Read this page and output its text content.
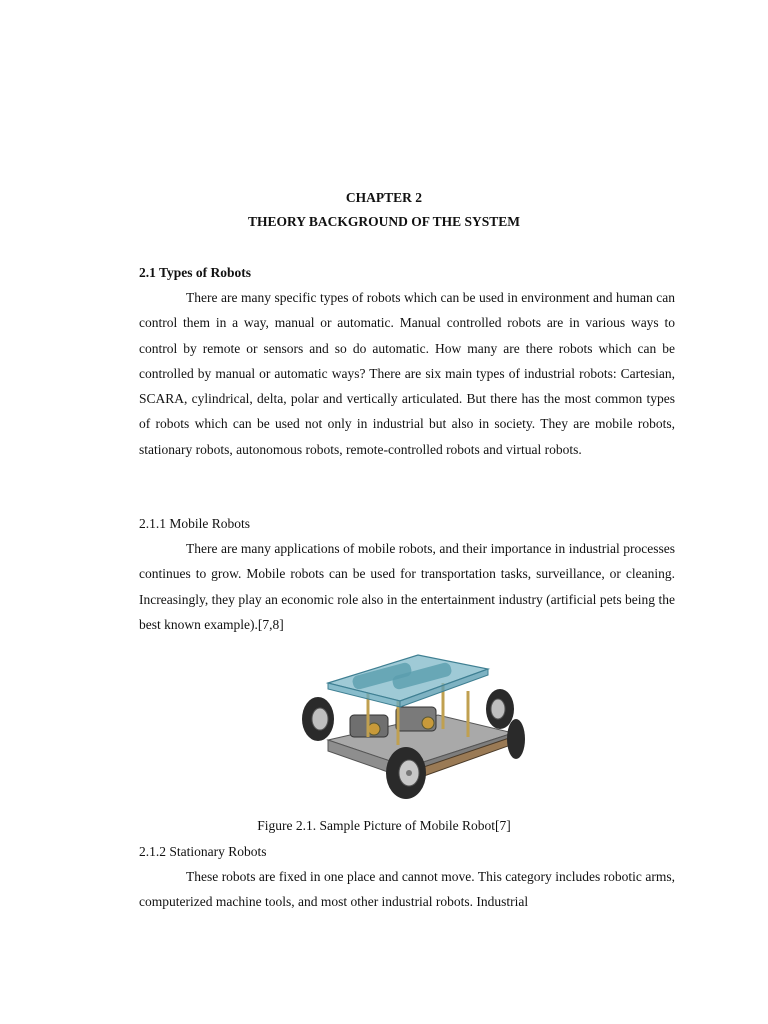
CHAPTER 2
THEORY BACKGROUND OF THE SYSTEM
2.1 Types of Robots
There are many specific types of robots which can be used in environment and human can control them in a way, manual or automatic. Manual controlled robots are in various ways to control by remote or sensors and so do automatic. How many are there robots which can be controlled by manual or automatic ways? There are six main types of industrial robots: Cartesian, SCARA, cylindrical, delta, polar and vertically articulated. But there has the most common types of robots which can be used not only in industrial but also in society. They are mobile robots, stationary robots, autonomous robots, remote-controlled robots and virtual robots.
2.1.1 Mobile Robots
There are many applications of mobile robots, and their importance in industrial processes continues to grow. Mobile robots can be used for transportation tasks, surveillance, or cleaning. Increasingly, they play an economic role also in the entertainment industry (artificial pets being the best known example).[7,8]
Figure 2.1. Sample Picture of Mobile Robot[7]
2.1.2 Stationary Robots
These robots are fixed in one place and cannot move. This category includes robotic arms, computerized machine tools, and most other industrial robots. Industrial
